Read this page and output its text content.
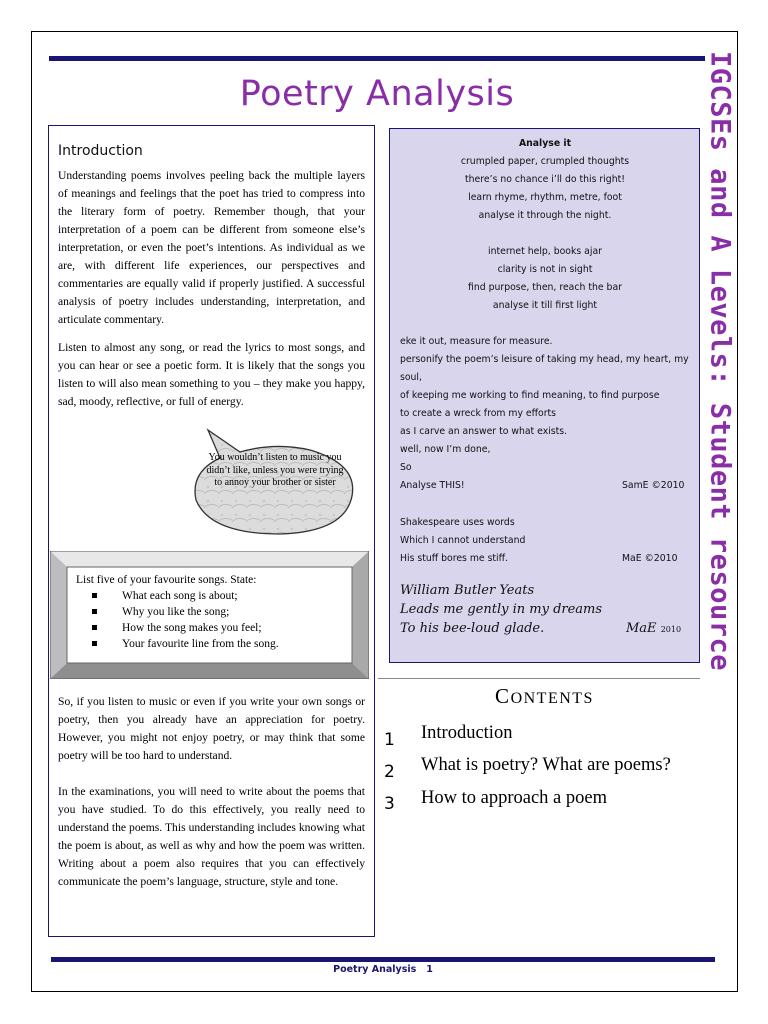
Poetry Analysis	IGCSEs and A Levels: Student resource
Introduction

Understanding poems involves peeling back the multiple layers of meanings and feelings that the poet has tried to compress into the literary form of poetry. Remember though, that your interpretation of a poem can be different from someone else’s interpretation, or even the poet’s intentions. As individual as we are, with different life experiences, our perspectives and commentaries are equally valid if properly justified. A successful analysis of poetry includes understanding, interpretation, and articulate commentary.

Listen to almost any song, or read the lyrics to most songs, and you can hear or see a poetic form. It is likely that the songs you listen to will also mean something to you – they make you happy, sad, moody, reflective, or full of energy.

You wouldn’t listen to music you didn’t like, unless you were trying to annoy your brother or sister
List five of your favourite songs. State:
What each song is about;
Why you like the song;
How the song makes you feel;
Your favourite line from the song.

So, if you listen to music or even if you write your own songs or poetry, then you already have an appreciation for poetry. However, you might not enjoy poetry, or may think that some poetry will be too hard to understand.

In the examinations, you will need to write about the poems that you have studied. To do this effectively, you really need to understand the poems. This understanding includes knowing what the poem is about, as well as why and how the poem was written. Writing about a poem also requires that you can effectively communicate the poem’s language, structure, style and tone.

Analyse it
crumpled paper, crumpled thoughts
there’s no chance i’ll do this right!
learn rhyme, rhythm, metre, foot
analyse it through the night.
internet help, books ajar
clarity is not in sight
find purpose, then, reach the bar
analyse it till first light
eke it out, measure for measure.
personify the poem’s leisure of taking my head, my heart, my
soul,
of keeping me working to find meaning, to find purpose
to create a wreck from my efforts
as I carve an answer to what exists.
well, now I’m done,
So
Analyse THIS!	SamE ©2010
Shakespeare uses words
Which I cannot understand
His stuff bores me stiff.	MaE ©2010
William Butler Yeats
Leads me gently in my dreams
To his bee-loud glade.	MaE 2010
CONTENTS
1 Introduction
2 What is poetry? What are poems?
3 How to approach a poem
Poetry Analysis 1
